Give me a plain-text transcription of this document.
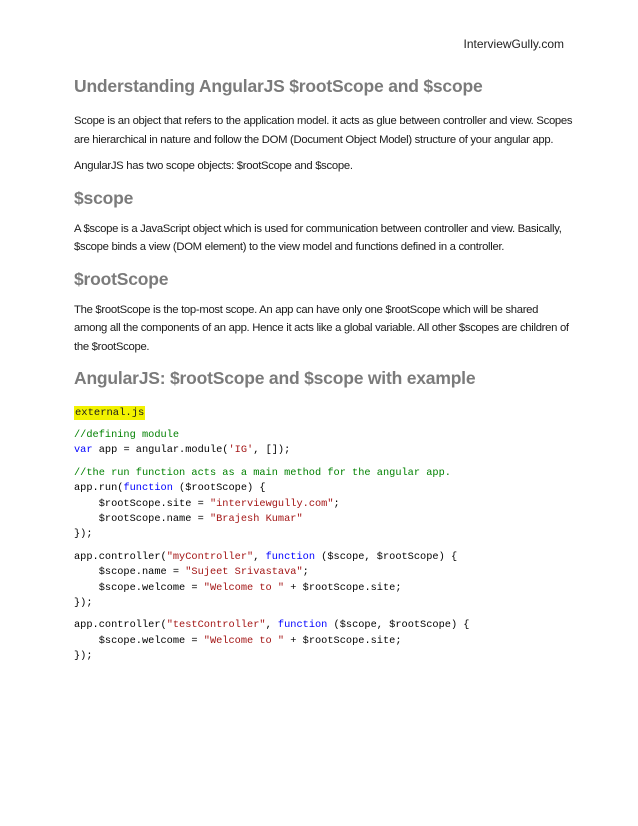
InterviewGully.com
Understanding AngularJS $rootScope and $scope

Scope is an object that refers to the application model. it acts as glue between controller and view. Scopes are hierarchical in nature and follow the DOM (Document Object Model) structure of your angular app.

AngularJS has two scope objects: $rootScope and $scope.

$scope

A $scope is a JavaScript object which is used for communication between controller and view. Basically, $scope binds a view (DOM element) to the view model and functions defined in a controller.

$rootScope

The $rootScope is the top-most scope. An app can have only one $rootScope which will be shared among all the components of an app. Hence it acts like a global variable. All other $scopes are children of the $rootScope.

AngularJS: $rootScope and $scope with example
external.js
//defining module
var app = angular.module('IG', []);
//the run function acts as a main method for the angular app.
app.run(function ($rootScope) {
$rootScope.site = "interviewgully.com";
$rootScope.name = "Brajesh Kumar"
});
app.controller("myController", function ($scope, $rootScope) {
$scope.name = "Sujeet Srivastava";
$scope.welcome = "Welcome to " + $rootScope.site;
});
app.controller("testController", function ($scope, $rootScope) {
$scope.welcome = "Welcome to " + $rootScope.site;
});
